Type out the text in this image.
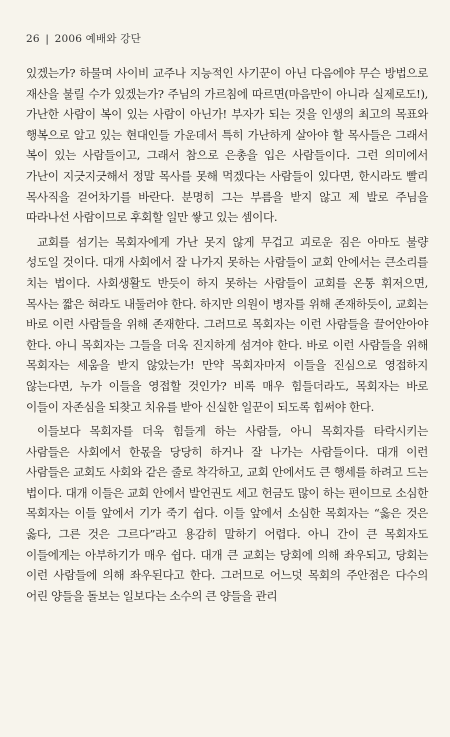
26 | 2006 예배와 강단

있겠는가? 하물며 사이비 교주나 지능적인 사기꾼이 아닌 다음에야 무슨 방법으로 재산을 불릴 수가 있겠는가? 주님의 가르침에 따르면(마음만이 아니라 실제로도!), 가난한 사람이 복이 있는 사람이 아닌가! 부자가 되는 것을 인생의 최고의 목표와 행복으로 알고 있는 현대인들 가운데서 특히 가난하게 살아야 할 목사들은 그래서 복이 있는 사람들이고, 그래서 참으로 은총을 입은 사람들이다. 그런 의미에서 가난이 지긋지긋해서 정말 목사를 못해 먹겠다는 사람들이 있다면, 한시라도 빨리 목사직을 걷어차기를 바란다. 분명히 그는 부름을 받지 않고 제 발로 주님을 따라나선 사람이므로 후회할 일만 쌓고 있는 셈이다.

교회를 섬기는 목회자에게 가난 못지 않게 무겁고 괴로운 짐은 아마도 불량 성도일 것이다. 대개 사회에서 잘 나가지 못하는 사람들이 교회 안에서는 큰소리를 치는 법이다. 사회생활도 반듯이 하지 못하는 사람들이 교회를 온통 휘저으면, 목사는 짧은 혀라도 내둘러야 한다. 하지만 의원이 병자를 위해 존재하듯이, 교회는 바로 이런 사람들을 위해 존재한다. 그러므로 목회자는 이런 사람들을 끌어안아야 한다. 아니 목회자는 그들을 더욱 진지하게 섬겨야 한다. 바로 이런 사람들을 위해 목회자는 세움을 받지 않았는가! 만약 목회자마저 이들을 진심으로 영접하지 않는다면, 누가 이들을 영접할 것인가? 비록 매우 힘들더라도, 목회자는 바로 이들이 자존심을 되찾고 치유를 받아 신실한 일꾼이 되도록 힘써야 한다.

이들보다 목회자를 더욱 힘들게 하는 사람들, 아니 목회자를 타락시키는 사람들은 사회에서 한몫을 당당히 하거나 잘 나가는 사람들이다. 대개 이런 사람들은 교회도 사회와 같은 줄로 착각하고, 교회 안에서도 큰 행세를 하려고 드는 법이다. 대개 이들은 교회 안에서 발언권도 세고 헌금도 많이 하는 편이므로 소심한 목회자는 이들 앞에서 기가 죽기 쉽다. 이들 앞에서 소심한 목회자는 “옳은 것은 옳다, 그른 것은 그르다”라고 용감히 말하기 어렵다. 아니 간이 큰 목회자도 이들에게는 아부하기가 매우 쉽다. 대개 큰 교회는 당회에 의해 좌우되고, 당회는 이런 사람들에 의해 좌우된다고 한다. 그러므로 어느덧 목회의 주안점은 다수의 어린 양들을 돌보는 일보다는 소수의 큰 양들을 관리
